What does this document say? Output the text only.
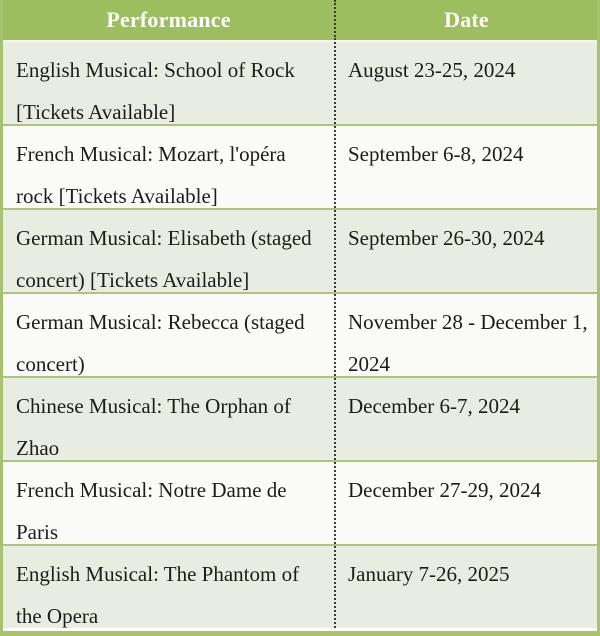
Performance	Date
English Musical: School of Rock
[Tickets Available]
August 23-25, 2024
French Musical: Mozart, l'opéra
rock [Tickets Available]
September 6-8, 2024
German Musical: Elisabeth (staged
concert) [Tickets Available]
September 26-30, 2024
German Musical: Rebecca (staged
concert)
November 28 - December 1,
2024
Chinese Musical: The Orphan of
Zhao
December 6-7, 2024
French Musical: Notre Dame de
Paris
December 27-29, 2024
English Musical: The Phantom of
the Opera
January 7-26, 2025
